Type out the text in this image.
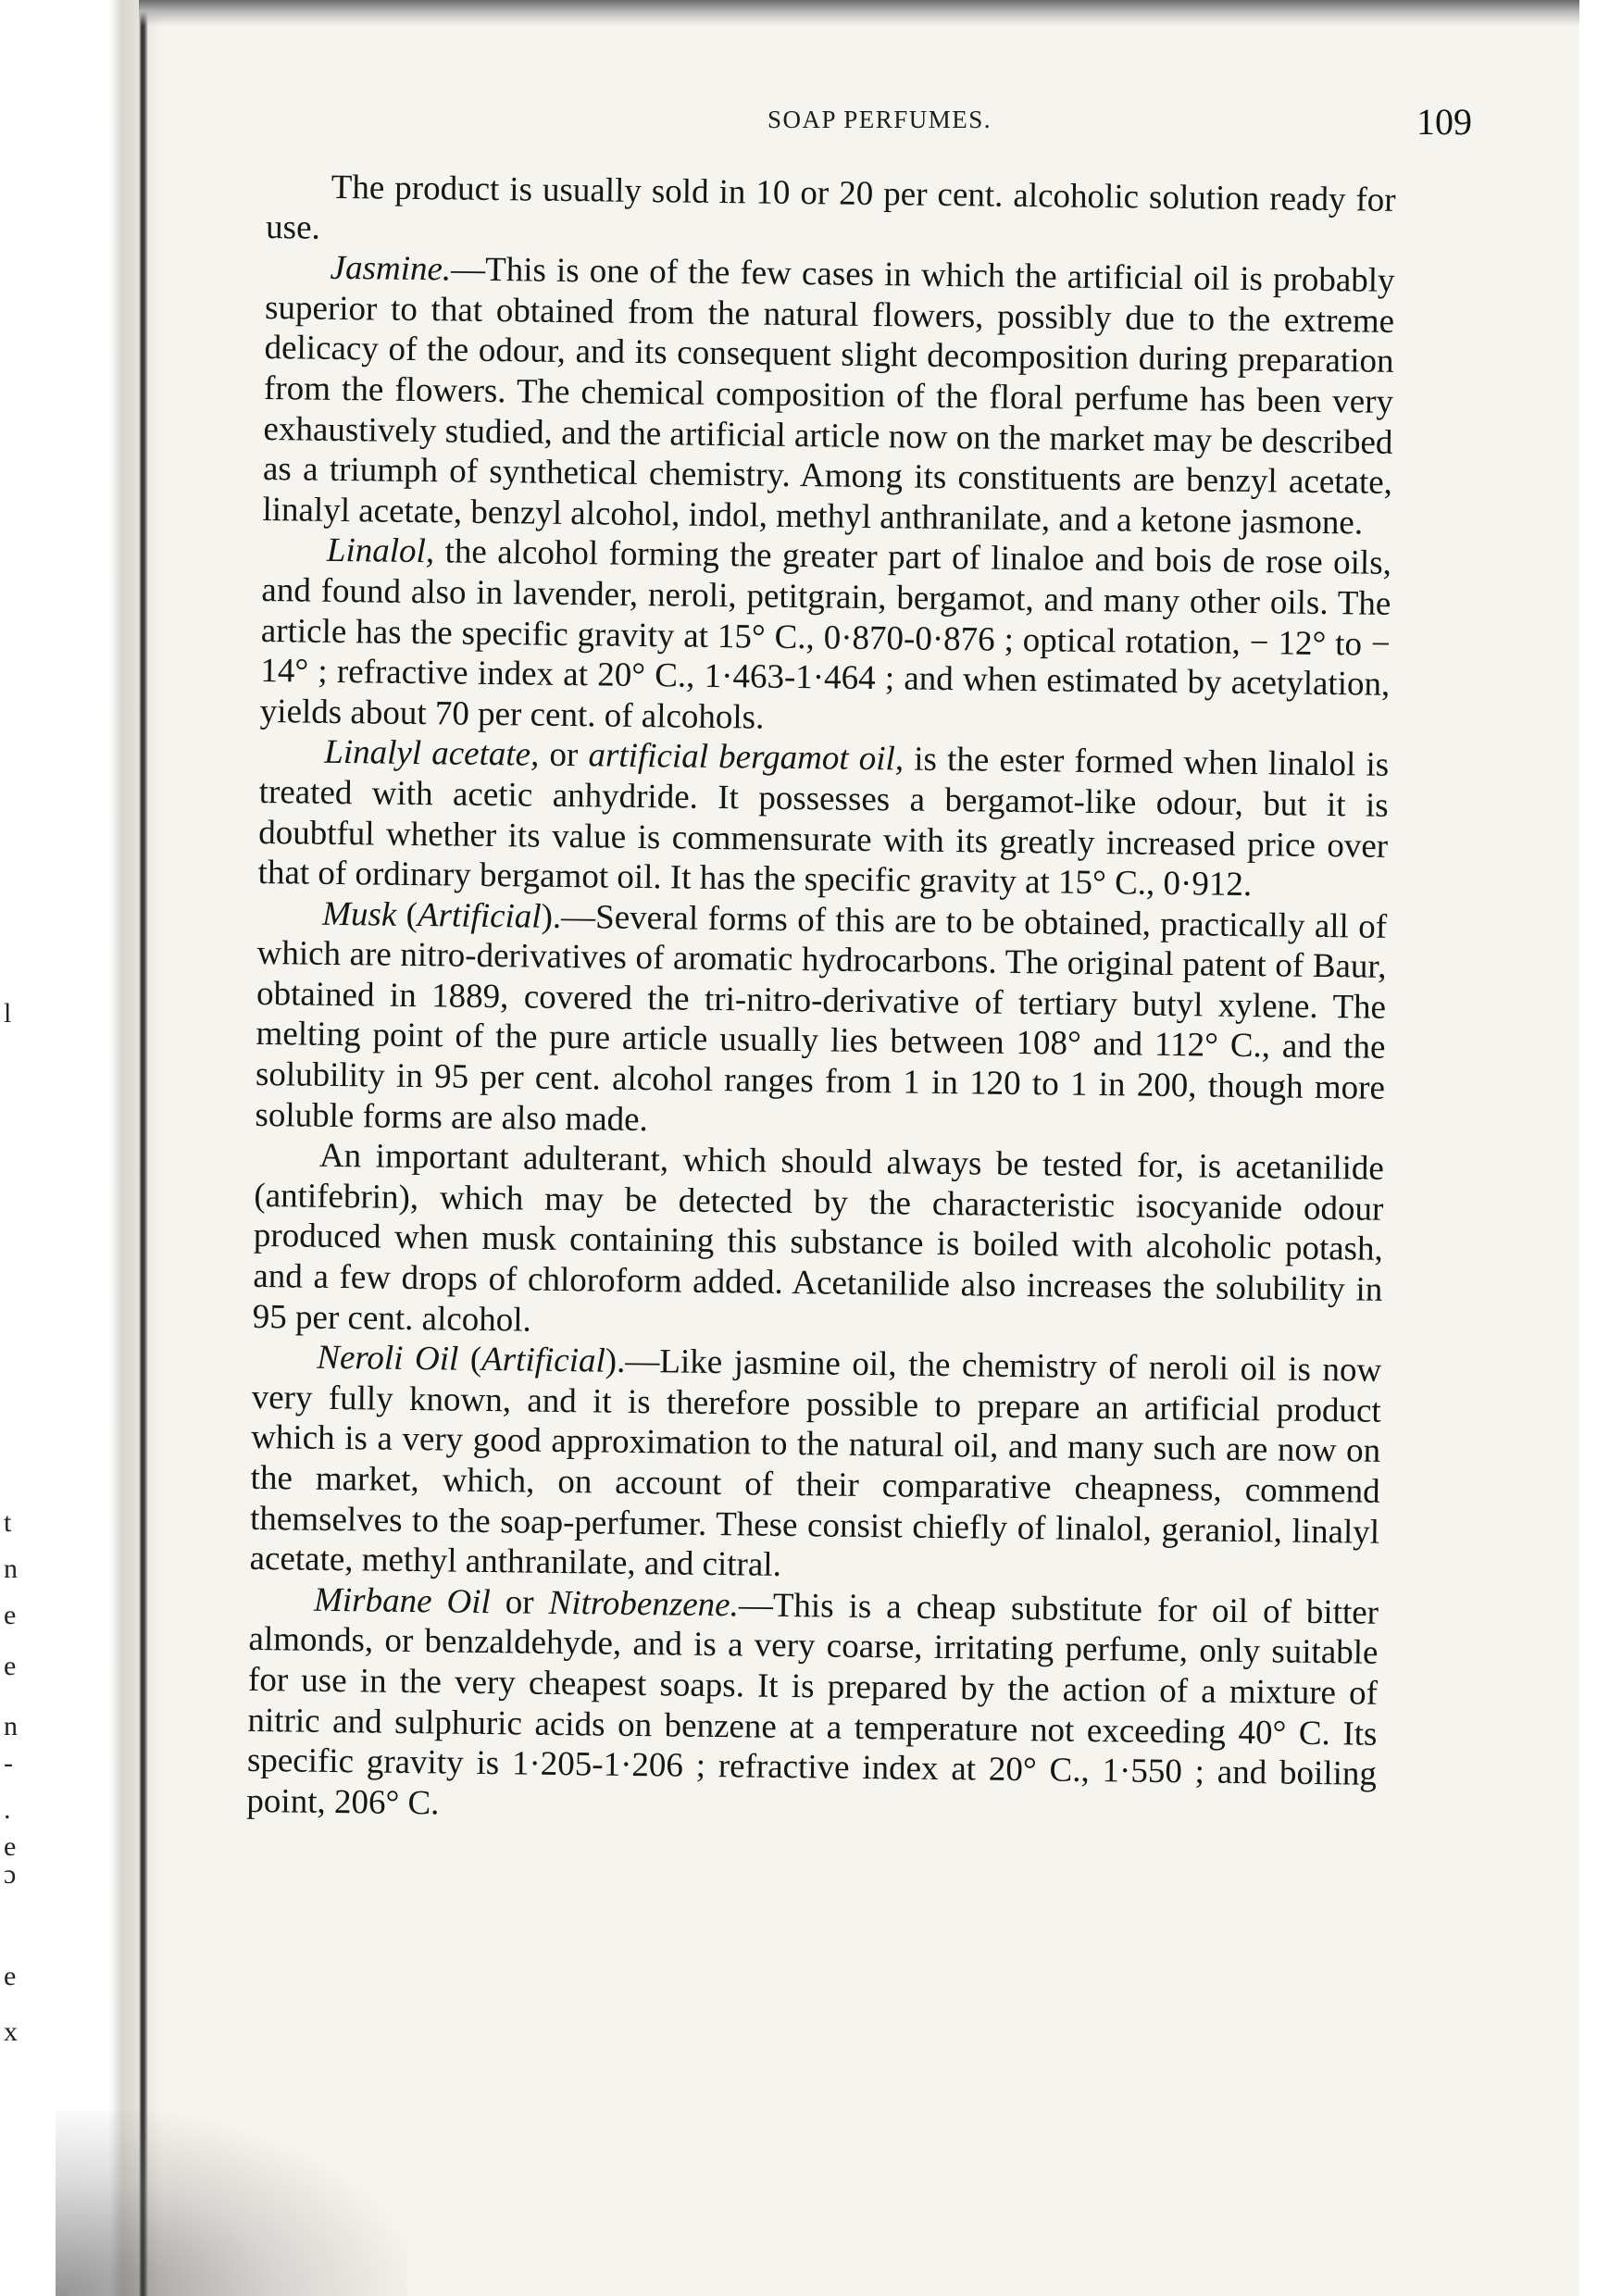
l
t
n
e
e
n
-
.
e
ɔ
e
x
SOAP PERFUMES.	109

The product is usually sold in 10 or 20 per cent. alcoholic solution ready for use.

Jasmine.—This is one of the few cases in which the artificial oil is probably superior to that obtained from the natural flowers, possibly due to the extreme delicacy of the odour, and its consequent slight decomposition during preparation from the flowers. The chemical composition of the floral perfume has been very exhaustively studied, and the artificial article now on the market may be described as a triumph of synthetical chemistry. Among its constituents are benzyl acetate, linalyl acetate, benzyl alcohol, indol, methyl anthranilate, and a ketone jasmone.

Linalol, the alcohol forming the greater part of linaloe and bois de rose oils, and found also in lavender, neroli, petitgrain, bergamot, and many other oils. The article has the specific gravity at 15° C., 0·870-0·876 ; optical rotation, − 12° to − 14° ; refractive index at 20° C., 1·463-1·464 ; and when estimated by acetylation, yields about 70 per cent. of alcohols.

Linalyl acetate, or artificial bergamot oil, is the ester formed when linalol is treated with acetic anhydride. It possesses a bergamot-like odour, but it is doubtful whether its value is commensurate with its greatly increased price over that of ordinary bergamot oil. It has the specific gravity at 15° C., 0·912.

Musk (Artificial).—Several forms of this are to be obtained, practically all of which are nitro-derivatives of aromatic hydrocarbons. The original patent of Baur, obtained in 1889, covered the tri-nitro-derivative of tertiary butyl xylene. The melting point of the pure article usually lies between 108° and 112° C., and the solubility in 95 per cent. alcohol ranges from 1 in 120 to 1 in 200, though more soluble forms are also made.

An important adulterant, which should always be tested for, is acetanilide (antifebrin), which may be detected by the characteristic isocyanide odour produced when musk containing this substance is boiled with alcoholic potash, and a few drops of chloroform added. Acetanilide also increases the solubility in 95 per cent. alcohol.

Neroli Oil (Artificial).—Like jasmine oil, the chemistry of neroli oil is now very fully known, and it is therefore possible to prepare an artificial product which is a very good approximation to the natural oil, and many such are now on the market, which, on account of their comparative cheapness, commend themselves to the soap-perfumer. These consist chiefly of linalol, geraniol, linalyl acetate, methyl anthranilate, and citral.

Mirbane Oil or Nitrobenzene.—This is a cheap substitute for oil of bitter almonds, or benzaldehyde, and is a very coarse, irritating perfume, only suitable for use in the very cheapest soaps. It is prepared by the action of a mixture of nitric and sulphuric acids on benzene at a temperature not exceeding 40° C. Its specific gravity is 1·205-1·206 ; refractive index at 20° C., 1·550 ; and boiling point, 206° C.
